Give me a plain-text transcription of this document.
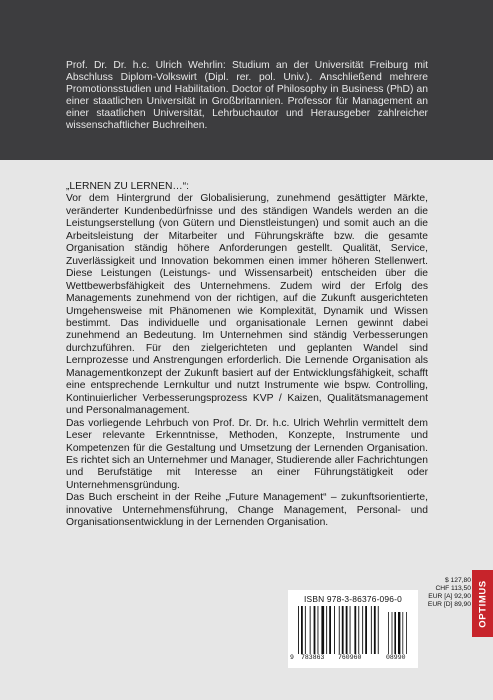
Prof. Dr. Dr. h.c. Ulrich Wehrlin: Studium an der Universität Freiburg mit Abschluss Diplom-Volkswirt (Dipl. rer. pol. Univ.). Anschließend mehrere Promotionsstudien und Habilitation. Doctor of Philosophy in Business (PhD) an einer staatlichen Universität in Großbritannien. Professor für Management an einer staatlichen Universität, Lehrbuchautor und Herausgeber zahlreicher wissenschaftlicher Buchreihen.

„LERNEN ZU LERNEN…“:

Vor dem Hintergrund der Globalisierung, zunehmend gesättigter Märkte, veränderter Kundenbedürfnisse und des ständigen Wandels werden an die Leistungserstellung (von Gütern und Dienstleistungen) und somit auch an die Arbeitsleistung der Mitarbeiter und Führungskräfte bzw. die gesamte Organisation ständig höhere Anforderungen gestellt. Qualität, Service, Zuverlässigkeit und Innovation bekommen einen immer höheren Stellenwert. Diese Leistungen (Leistungs- und Wissensarbeit) entscheiden über die Wettbewerbsfähigkeit des Unternehmens. Zudem wird der Erfolg des Managements zunehmend von der richtigen, auf die Zukunft ausgerichteten Umgehensweise mit Phänomenen wie Komplexität, Dynamik und Wissen bestimmt. Das individuelle und organisationale Lernen gewinnt dabei zunehmend an Bedeutung. Im Unternehmen sind ständig Verbesserungen durchzuführen. Für den zielgerichteten und geplanten Wandel sind Lernprozesse und Anstrengungen erforderlich. Die Lernende Organisation als Managementkonzept der Zukunft basiert auf der Entwicklungsfähigkeit, schafft eine entsprechende Lernkultur und nutzt Instrumente wie bspw. Controlling, Kontinuierlicher Verbesserungsprozess KVP / Kaizen, Qualitätsmanagement und Personalmanagement.

Das vorliegende Lehrbuch von Prof. Dr. Dr. h.c. Ulrich Wehrlin vermittelt dem Leser relevante Erkenntnisse, Methoden, Konzepte, Instrumente und Kompetenzen für die Gestaltung und Umsetzung der Lernenden Organisation. Es richtet sich an Unternehmer und Manager, Studierende aller Fachrichtungen und Berufstätige mit Interesse an einer Führungstätigkeit oder Unternehmensgründung.

Das Buch erscheint in der Reihe „Future Management“ – zukunftsorientierte, innovative Unternehmensführung, Change Management, Personal- und Organisationsentwicklung in der Lernenden Organisation.

ISBN 978-3-86376-096-0
9 783863 760960	08990
$ 127,80
CHF 113,50
EUR [A] 92,90
EUR [D] 89,90 OPTIMUS
